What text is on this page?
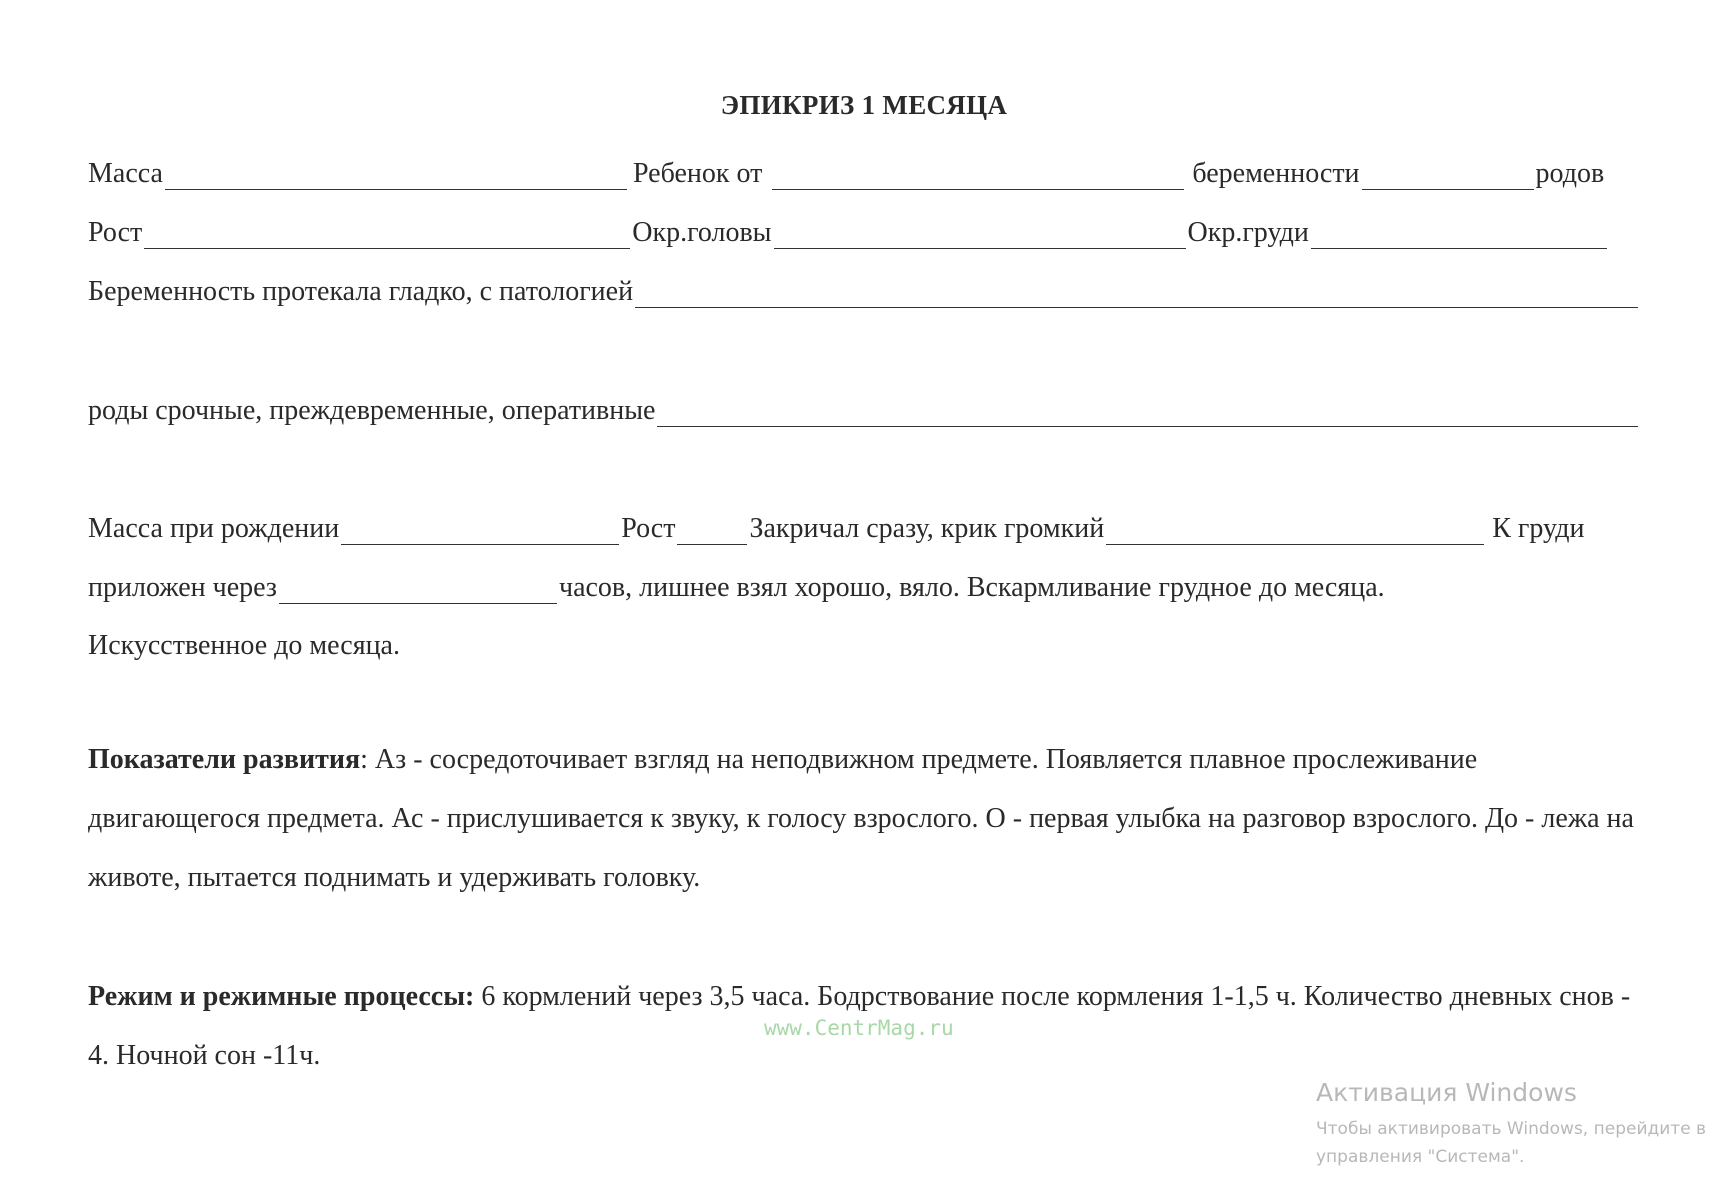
ЭПИКРИЗ 1 МЕСЯЦА
Масса	Ребенок от	беременности	родов
Рост	Окр.головы	Окр.груди
Беременность протекала гладко, с патологией
роды срочные, преждевременные, оперативные
Масса при рождении	Рост	Закричал сразу, крик громкий	К груди
приложен через	часов, лишнее взял хорошо, вяло. Вскармливание грудное до месяца.
Искусственное до месяца.
Показатели развития: Аз - сосредоточивает взгляд на неподвижном предмете. Появляется плавное прослеживание двигающегося предмета. Ас - прислушивается к звуку, к голосу взрослого. О - первая улыбка на разговор взрослого. До - лежа на животе, пытается поднимать и удерживать головку.
Режим и режимные процессы: 6 кормлений через 3,5 часа. Бодрствование после кормления 1-1,5 ч. Количество дневных снов - 4. Ночной сон -11ч.
www.CentrMag.ru
Активация Windows
Чтобы активировать Windows, перейдите в
управления "Система".
